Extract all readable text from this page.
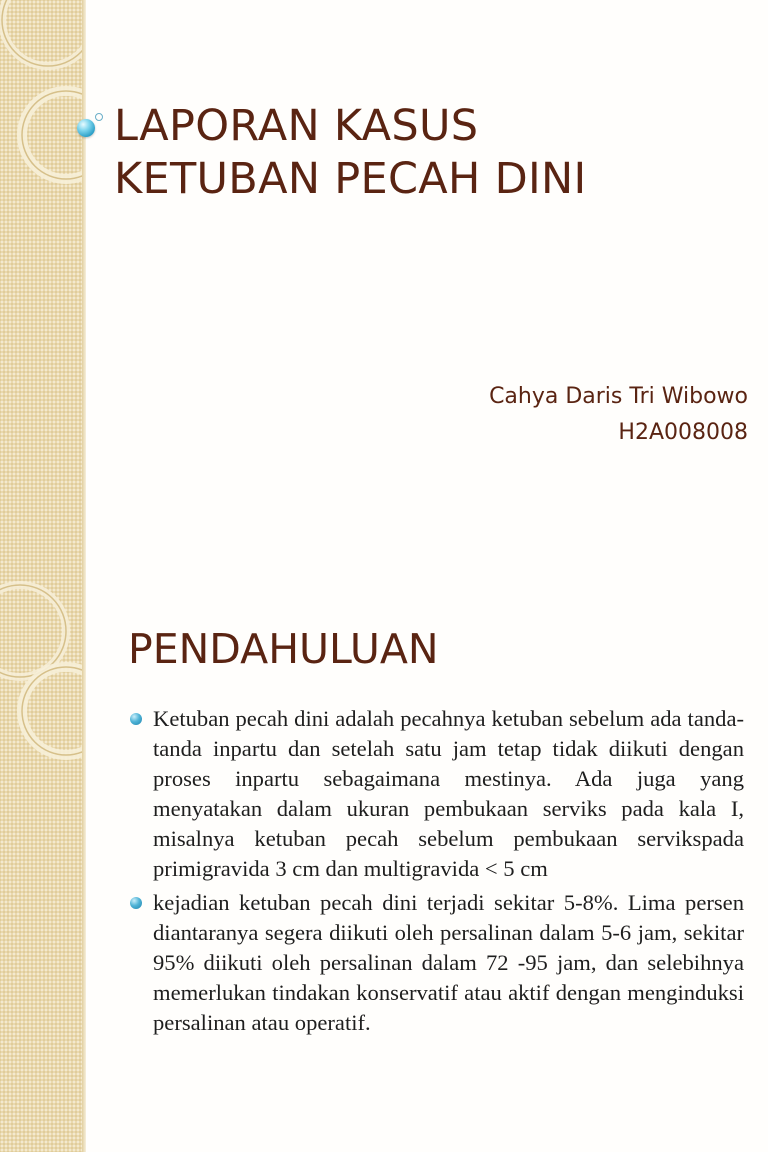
LAPORAN KASUS
KETUBAN PECAH DINI
Cahya Daris Tri Wibowo
H2A008008
PENDAHULUAN
Ketuban pecah dini adalah pecahnya ketuban sebelum ada tanda-tanda inpartu dan setelah satu jam tetap tidak diikuti dengan proses inpartu sebagaimana mestinya. Ada juga yang menyatakan dalam ukuran pembukaan serviks pada kala I, misalnya ketuban pecah sebelum pembukaan servikspada primigravida 3 cm dan multigravida < 5 cm
kejadian ketuban pecah dini terjadi sekitar 5-8%. Lima persen diantaranya segera diikuti oleh persalinan dalam 5-6 jam, sekitar 95% diikuti oleh persalinan dalam 72 -95 jam, dan selebihnya memerlukan tindakan konservatif atau aktif dengan menginduksi persalinan atau operatif.
